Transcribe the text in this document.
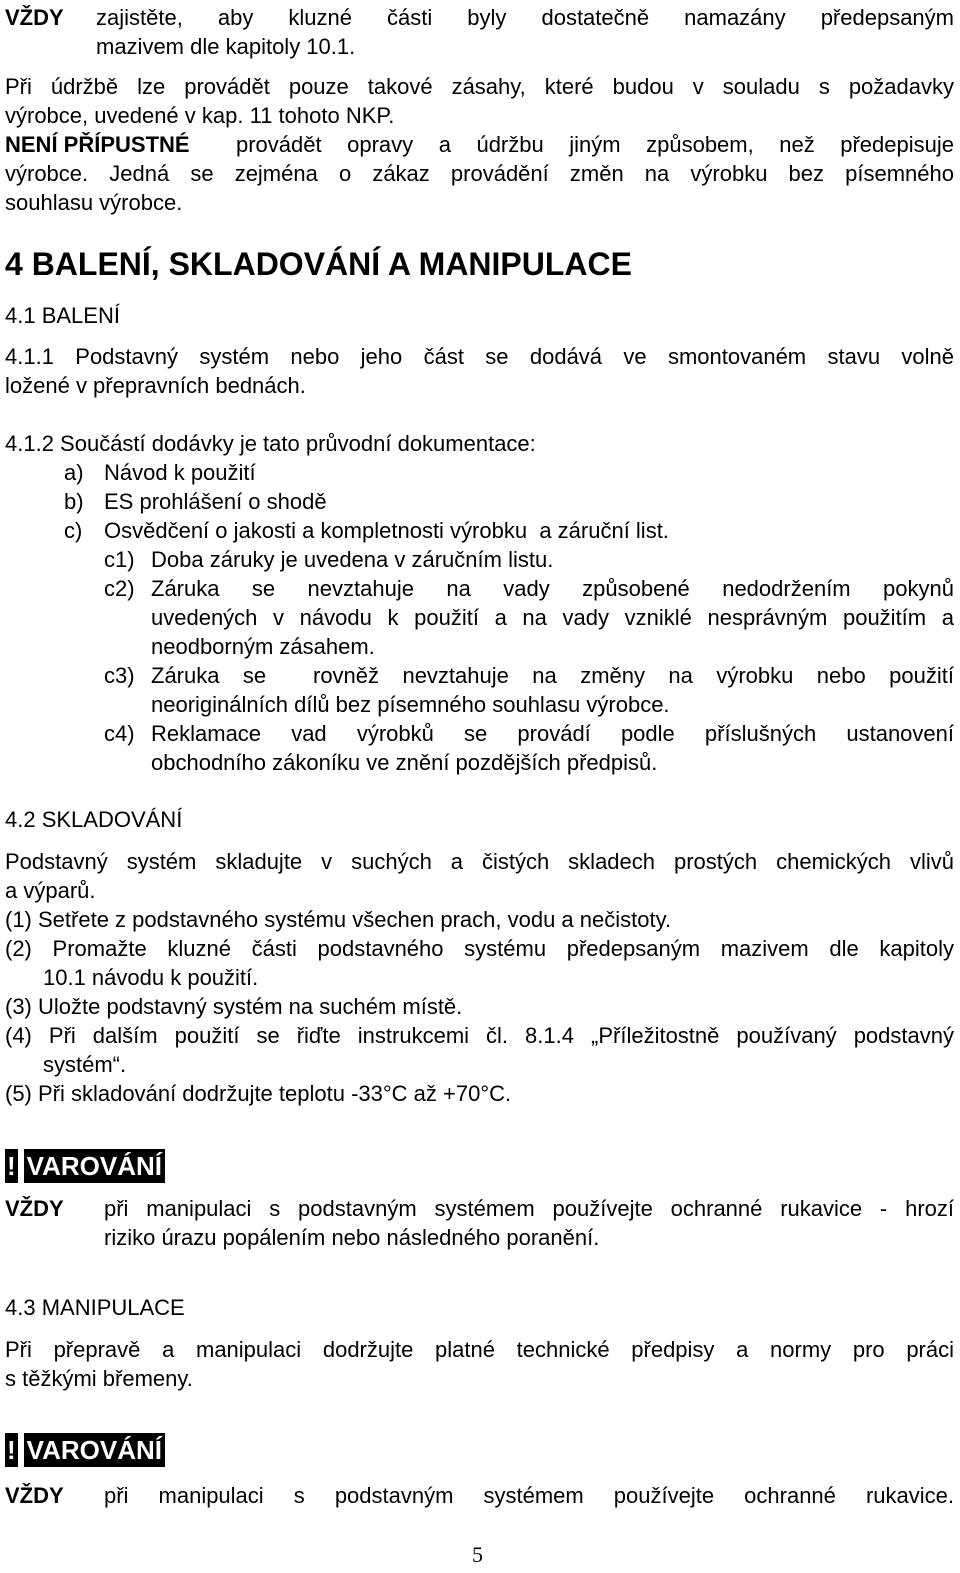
VŽDY zajistěte, aby kluzné části byly dostatečně namazány předepsaným
mazivem dle kapitoly 10.1.
Při údržbě lze provádět pouze takové zásahy, které budou v souladu s požadavky
výrobce, uvedené v kap. 11 tohoto NKP.
NENÍ PŘÍPUSTNÉ provádět opravy a údržbu jiným způsobem, než předepisuje
výrobce. Jedná se zejména o zákaz provádění změn na výrobku bez písemného
souhlasu výrobce.
4 BALENÍ, SKLADOVÁNÍ A MANIPULACE
4.1 BALENÍ
4.1.1 Podstavný systém nebo jeho část se dodává ve smontovaném stavu volně
ložené v přepravních bednách.
4.1.2 Součástí dodávky je tato průvodní dokumentace:
a) Návod k použití
b) ES prohlášení o shodě
c) Osvědčení o jakosti a kompletnosti výrobku  a záruční list.
c1) Doba záruky je uvedena v záručním listu.
c2) Záruka se nevztahuje na vady způsobené nedodržením pokynů
uvedených v návodu k použití a na vady vzniklé nesprávným použitím a
neodborným zásahem.
c3) Záruka se  rovněž nevztahuje na změny na výrobku nebo použití
neoriginálních dílů bez písemného souhlasu výrobce.
c4) Reklamace vad výrobků se provádí podle příslušných ustanovení
obchodního zákoníku ve znění pozdějších předpisů.
4.2 SKLADOVÁNÍ
Podstavný systém skladujte v suchých a čistých skladech prostých chemických vlivů
a výparů.
(1) Setřete z podstavného systému všechen prach, vodu a nečistoty.
(2) Promažte kluzné části podstavného systému předepsaným mazivem dle kapitoly
10.1 návodu k použití.
(3) Uložte podstavný systém na suchém místě.
(4) Při dalším použití se řiďte instrukcemi čl. 8.1.4 „Příležitostně používaný podstavný
systém“.
(5) Při skladování dodržujte teplotu -33°C až +70°C.
! VAROVÁNÍ
VŽDY při manipulaci s podstavným systémem používejte ochranné rukavice - hrozí
riziko úrazu popálením nebo následného poranění.
4.3 MANIPULACE
Při přepravě a manipulaci dodržujte platné technické předpisy a normy pro práci
s těžkými břemeny.
! VAROVÁNÍ
VŽDY při manipulaci s podstavným systémem používejte ochranné rukavice.
5
